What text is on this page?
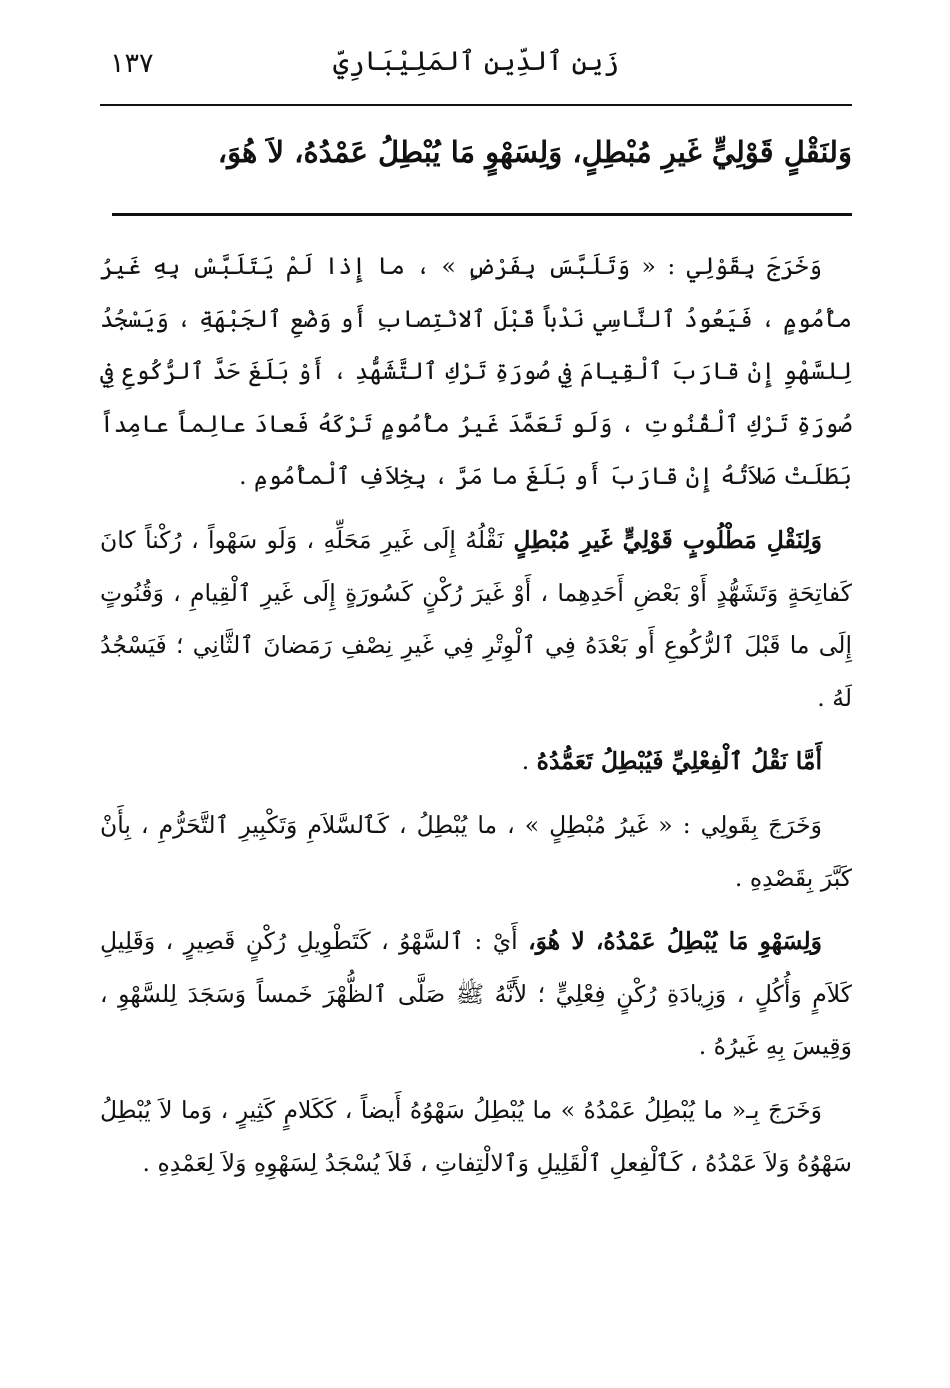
١٣٧	زَين ٱلدِّين ٱلمَلِيْبَارِيّ
وَلنَقْلٍ قَوْلِيٍّ غَيرِ مُبْطِلٍ، وَلِسَهْوٍ مَا يُبْطِلُ عَمْدُهُ، لاَ هُوَ،

وَخَرَجَ بِقَوْلِي : « وَتَلَبَّسَ بِفَرْضٍ » ، ما إِذا لَمْ يَتَلَبَّسْ بِهِ غَيرُ مأْمُومٍ ، فَيَعُودُ ٱلنَّاسِي نَدْباً قَبْلَ ٱلانْتِصابِ أَو وَضْعِ ٱلجَبْهَةِ ، وَيَسْجُدُ لِلسَّهْوِ إِنْ قارَبَ ٱلْقِيامَ فِي صُورَةِ تَرْكِ ٱلتَّشَهُّدِ ، أَوْ بَلَغَ حَدَّ ٱلرُّكُوعِ فِي صُورَةِ تَرْكِ ٱلْقُنُوتِ ، وَلَو تَعَمَّدَ غَيرُ مأْمُومٍ تَرْكَهُ فَعادَ عالِماً عامِداً بَطَلَتْ صَلاَتُهُ إِنْ قارَبَ أَو بَلَغَ ما مَرَّ ، بِخِلاَفِ ٱلْمأْمُومِ .

وَلِنَقْلِ مَطْلُوبٍ قَوْلِيٍّ غَيرِ مُبْطِلٍ نَقْلُهُ إِلَى غَيرِ مَحَلِّهِ ، وَلَو سَهْواً ، رُكْناً كانَ كَفاتِحَةٍ وَتَشَهُّدٍ أَوْ بَعْضِ أَحَدِهِما ، أَوْ غَيرَ رُكْنٍ كَسُورَةٍ إِلَى غَيرِ ٱلْقِيامِ ، وَقُنُوتٍ إِلَى ما قَبْلَ ٱلرُّكُوعِ أَو بَعْدَهُ فِي ٱلْوِتْرِ فِي غَيرِ نِصْفِ رَمَضانَ ٱلثَّانِي ؛ فَيَسْجُدُ لَهُ .

أَمَّا نَقْلُ ٱلْفِعْلِيِّ فَيُبْطِلُ تَعَمُّدُهُ .

وَخَرَجَ بِقَولِي : « غَيرُ مُبْطِلٍ » ، ما يُبْطِلُ ، كَٱلسَّلاَمِ وَتَكْبِيرِ ٱلتَّحَرُّمِ ، بِأَنْ كَبَّرَ بِقَصْدِهِ .

وَلِسَهْوِ مَا يُبْطِلُ عَمْدُهُ، لا هُوَ، أَيْ : ٱلسَّهْوُ ، كَتَطْوِيلِ رُكْنٍ قَصِيرٍ ، وَقَلِيلِ كَلاَمٍ وَأُكُلٍ ، وَزِيادَةِ رُكْنٍ فِعْلِيٍّ ؛ لأَنَّهُ ﷺ صَلَّى ٱلظُّهْرَ خَمساً وَسَجَدَ لِلسَّهْوِ ، وَقِيسَ بِهِ غَيرُهُ .

وَخَرَجَ بِـ« ما يُبْطِلُ عَمْدُهُ » ما يُبْطِلُ سَهْوُهُ أَيضاً ، كَكَلامٍ كَثِيرٍ ، وَما لاَ يُبْطِلُ سَهْوُهُ وَلاَ عَمْدُهُ ، كَٱلْفِعلِ ٱلْقَلِيلِ وَٱلالْتِفاتِ ، فَلاَ يُسْجَدُ لِسَهْوِهِ وَلاَ لِعَمْدِهِ .
